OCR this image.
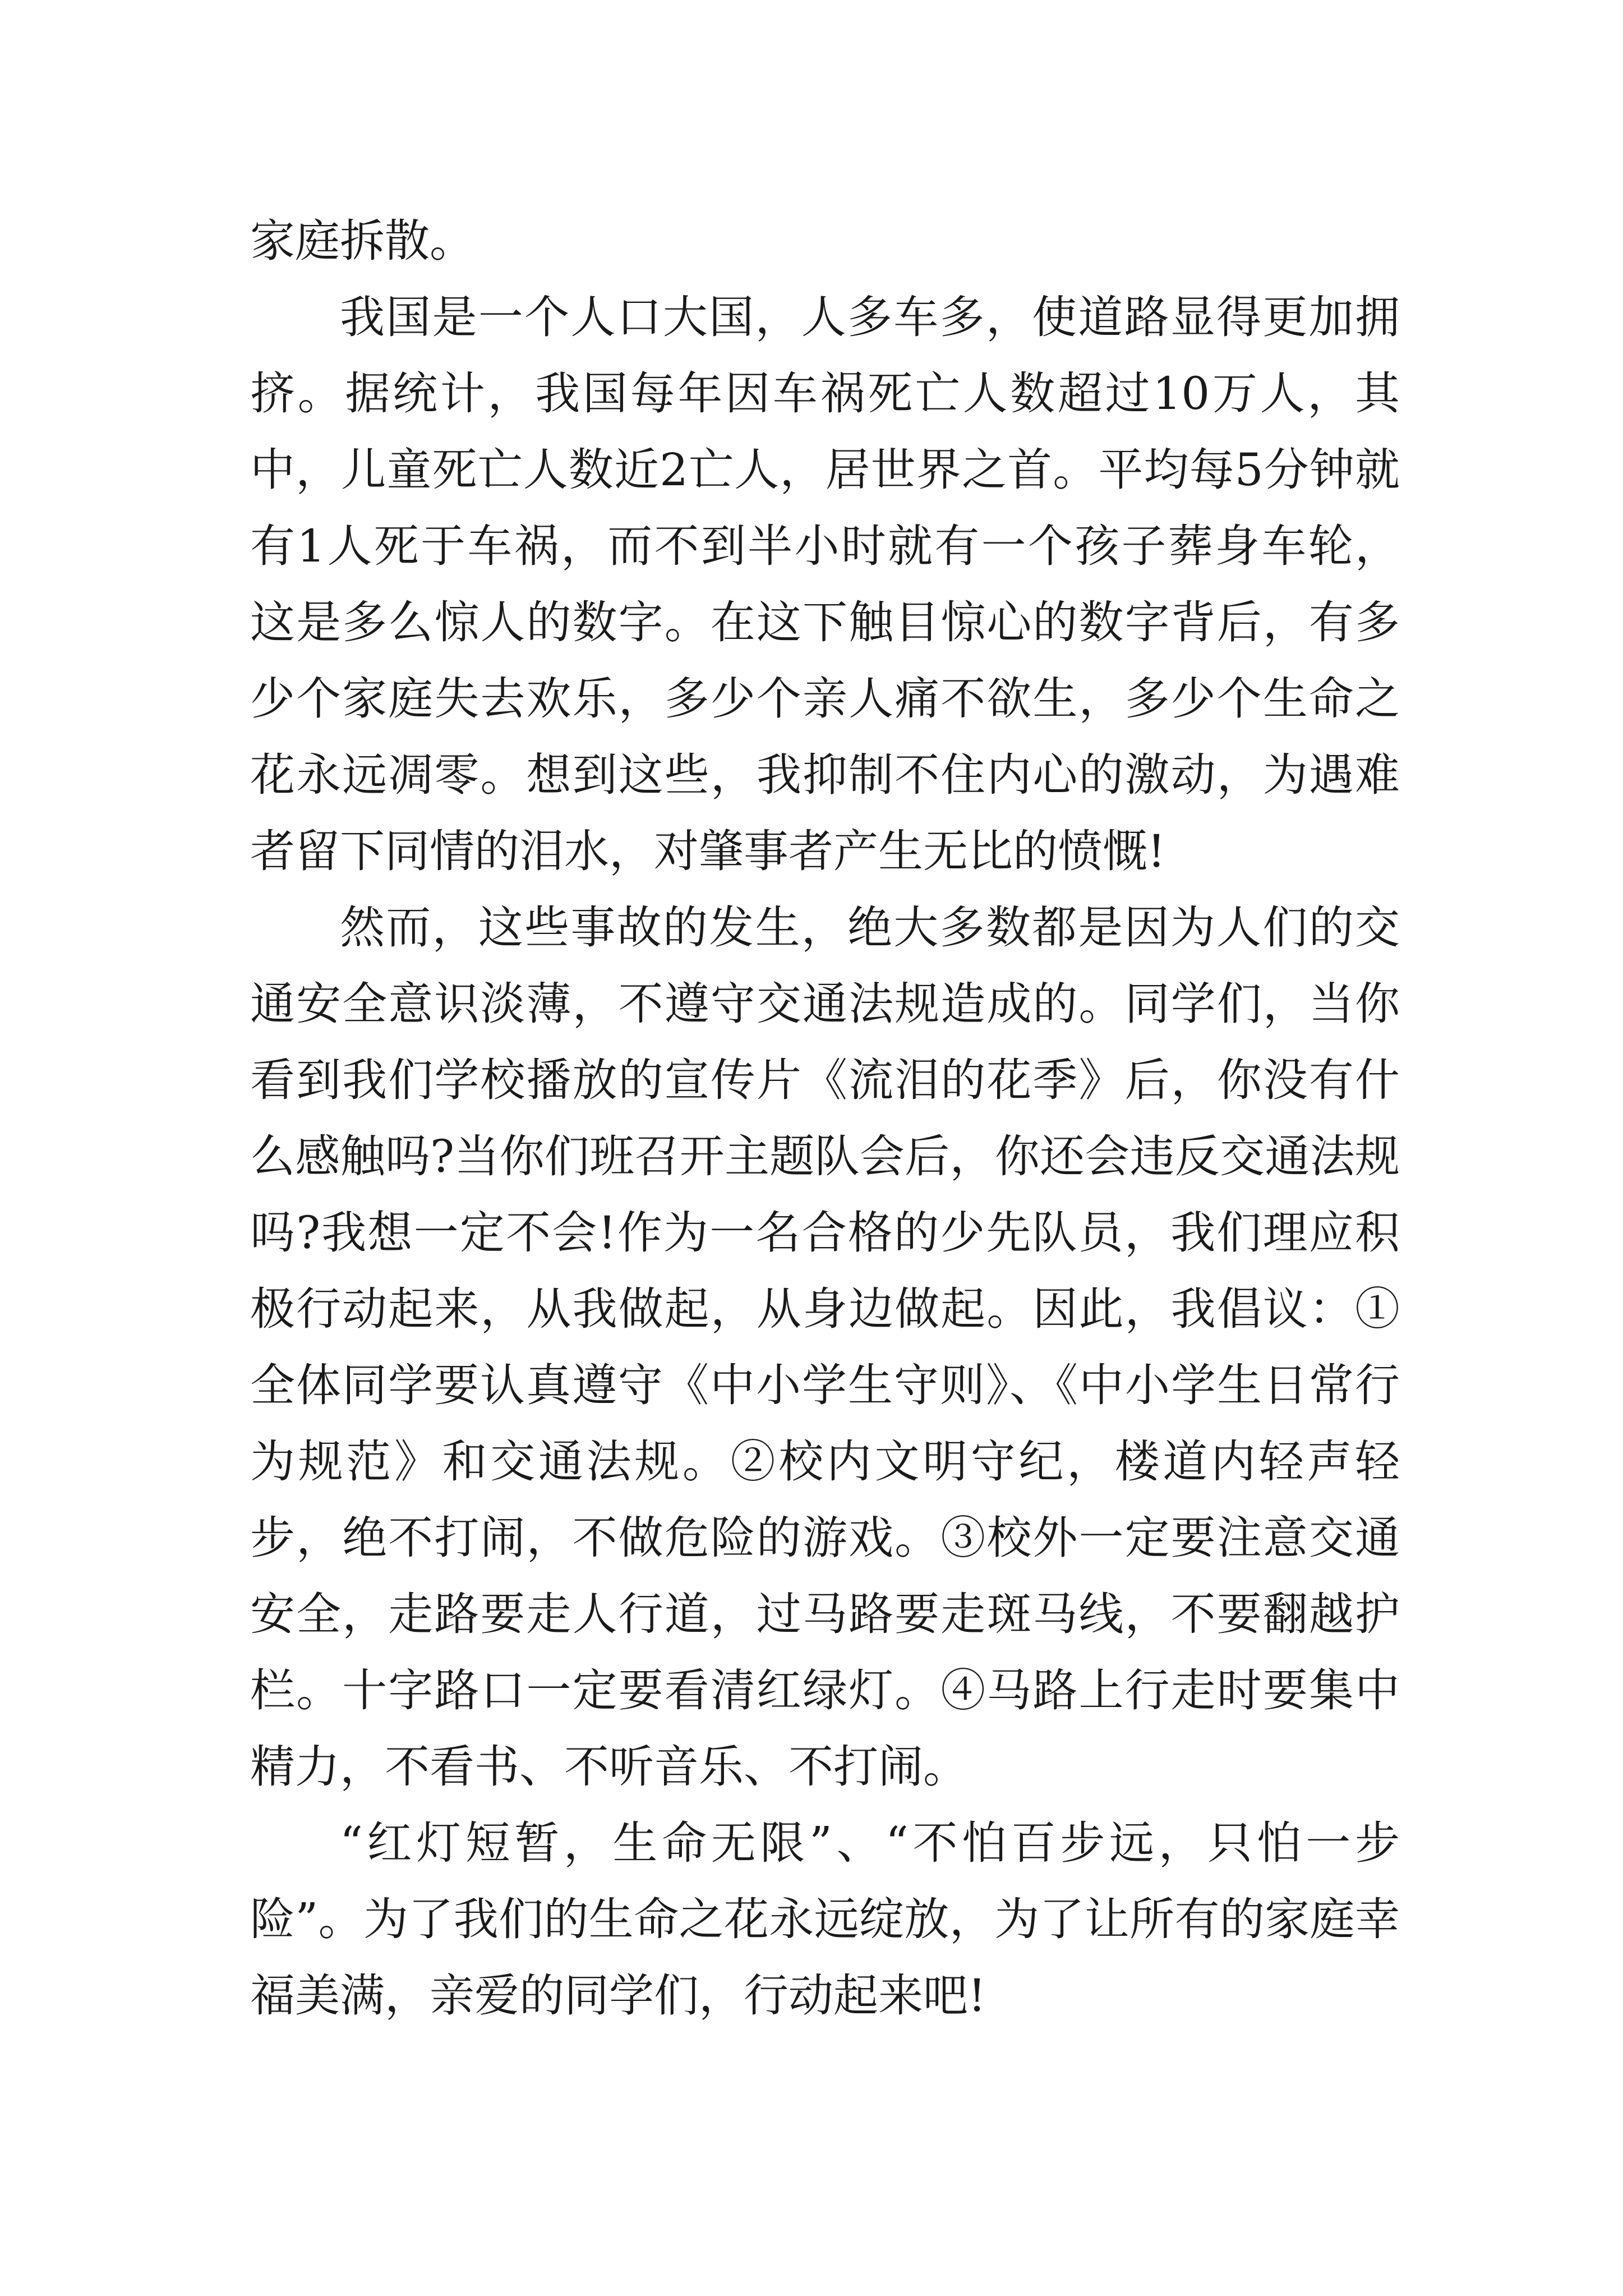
家庭拆散。

我国是一个人口大国，人多车多，使道路显得更加拥挤。据统计，我国每年因车祸死亡人数超过10万人，其中，儿童死亡人数近2亡人，居世界之首。平均每5分钟就有1人死于车祸，而不到半小时就有一个孩子葬身车轮，这是多么惊人的数字。在这下触目惊心的数字背后，有多少个家庭失去欢乐，多少个亲人痛不欲生，多少个生命之花永远凋零。想到这些，我抑制不住内心的激动，为遇难者留下同情的泪水，对肇事者产生无比的愤慨!

然而，这些事故的发生，绝大多数都是因为人们的交通安全意识淡薄，不遵守交通法规造成的。同学们，当你看到我们学校播放的宣传片《流泪的花季》后，你没有什么感触吗?当你们班召开主题队会后，你还会违反交通法规吗?我想一定不会!作为一名合格的少先队员，我们理应积极行动起来，从我做起，从身边做起。因此，我倡议：①全体同学要认真遵守《中小学生守则》、《中小学生日常行为规范》和交通法规。②校内文明守纪，楼道内轻声轻步，绝不打闹，不做危险的游戏。③校外一定要注意交通安全，走路要走人行道，过马路要走斑马线，不要翻越护栏。十字路口一定要看清红绿灯。④马路上行走时要集中精力，不看书、不听音乐、不打闹。

“红灯短暂，生命无限”、“不怕百步远，只怕一步险”。为了我们的生命之花永远绽放，为了让所有的家庭幸福美满，亲爱的同学们，行动起来吧!
